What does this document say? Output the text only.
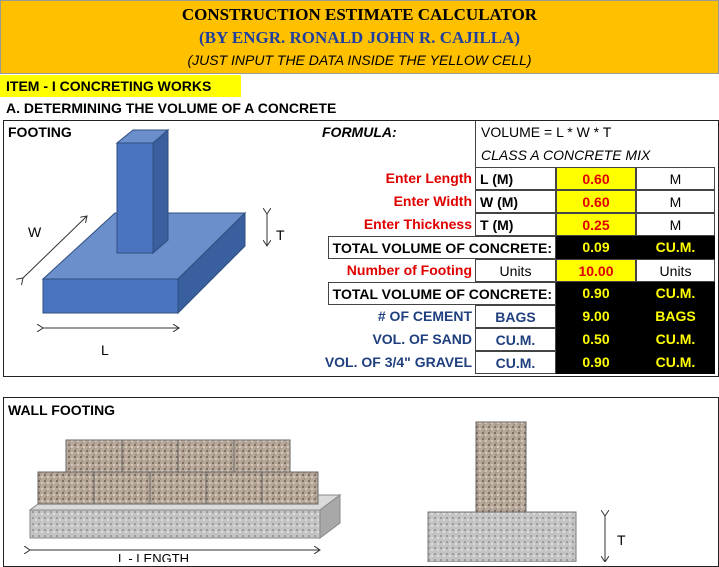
CONSTRUCTION ESTIMATE CALCULATOR
(BY ENGR. RONALD JOHN R. CAJILLA)
(JUST INPUT THE DATA INSIDE THE YELLOW CELL)
ITEM - I CONCRETING WORKS
A. DETERMINING THE VOLUME OF A CONCRETE
FOOTING
W
L
T
FORMULA:	VOLUME = L * W * T
CLASS A CONCRETE MIX
Enter Length L (M)	0.60	M
Enter Width W (M)	0.60	M
Enter Thickness T (M)	0.25	M
TOTAL VOLUME OF CONCRETE:	0.09	CU.M.
Number of Footing	Units	10.00	Units
TOTAL VOLUME OF CONCRETE:	0.90	CU.M.
# OF CEMENT	BAGS	9.00	BAGS
VOL. OF SAND	CU.M.	0.50	CU.M.
VOL. OF 3/4" GRAVEL	CU.M.	0.90	CU.M.
WALL FOOTING
L - LENGTH
T
